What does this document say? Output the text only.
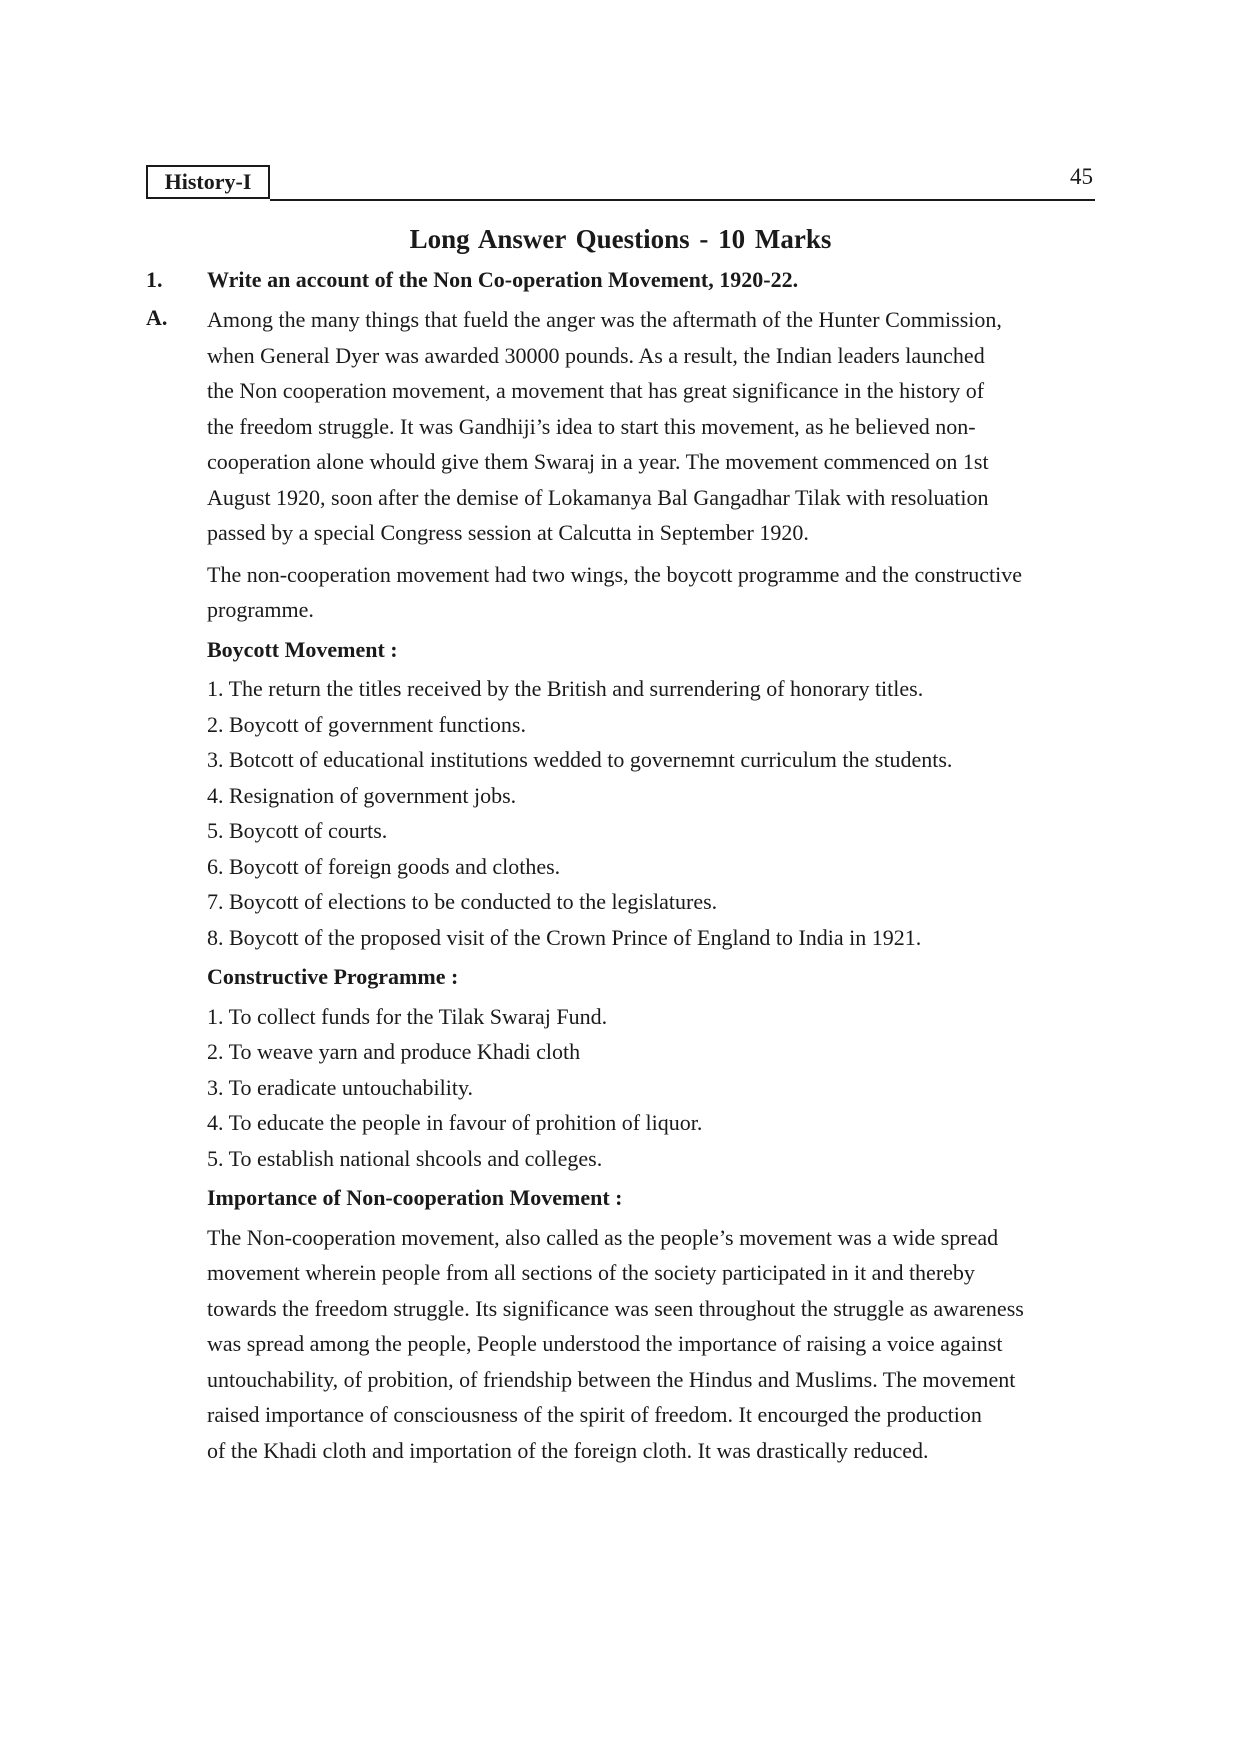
History-I	45
Long Answer Questions - 10 Marks
1. Write an account of the Non Co-operation Movement, 1920-22.
A. Among the many things that fueld the anger was the aftermath of the Hunter Commission,
when General Dyer was awarded 30000 pounds. As a result, the Indian leaders launched
the Non cooperation movement, a movement that has great significance in the history of
the freedom struggle. It was Gandhiji’s idea to start this movement, as he believed non-
cooperation alone whould give them Swaraj in a year. The movement commenced on 1st
August 1920, soon after the demise of Lokamanya Bal Gangadhar Tilak with resoluation
passed by a special Congress session at Calcutta in September 1920.

The non-cooperation movement had two wings, the boycott programme and the constructive
programme.

Boycott Movement :

1. The return the titles received by the British and surrendering of honorary titles.

2. Boycott of government functions.

3. Botcott of educational institutions wedded to governemnt curriculum the students.

4. Resignation of government jobs.

5. Boycott of courts.

6. Boycott of foreign goods and clothes.

7. Boycott of elections to be conducted to the legislatures.

8. Boycott of the proposed visit of the Crown Prince of England to India in 1921.

Constructive Programme :

1. To collect funds for the Tilak Swaraj Fund.

2. To weave yarn and produce Khadi cloth

3. To eradicate untouchability.

4. To educate the people in favour of prohition of liquor.

5. To establish national shcools and colleges.

Importance of Non-cooperation Movement :

The Non-cooperation movement, also called as the people’s movement was a wide spread
movement wherein people from all sections of the society participated in it and thereby
towards the freedom struggle. Its significance was seen throughout the struggle as awareness
was spread among the people, People understood the importance of raising a voice against
untouchability, of probition, of friendship between the Hindus and Muslims. The movement
raised importance of consciousness of the spirit of freedom. It encourged the production
of the Khadi cloth and importation of the foreign cloth. It was drastically reduced.
